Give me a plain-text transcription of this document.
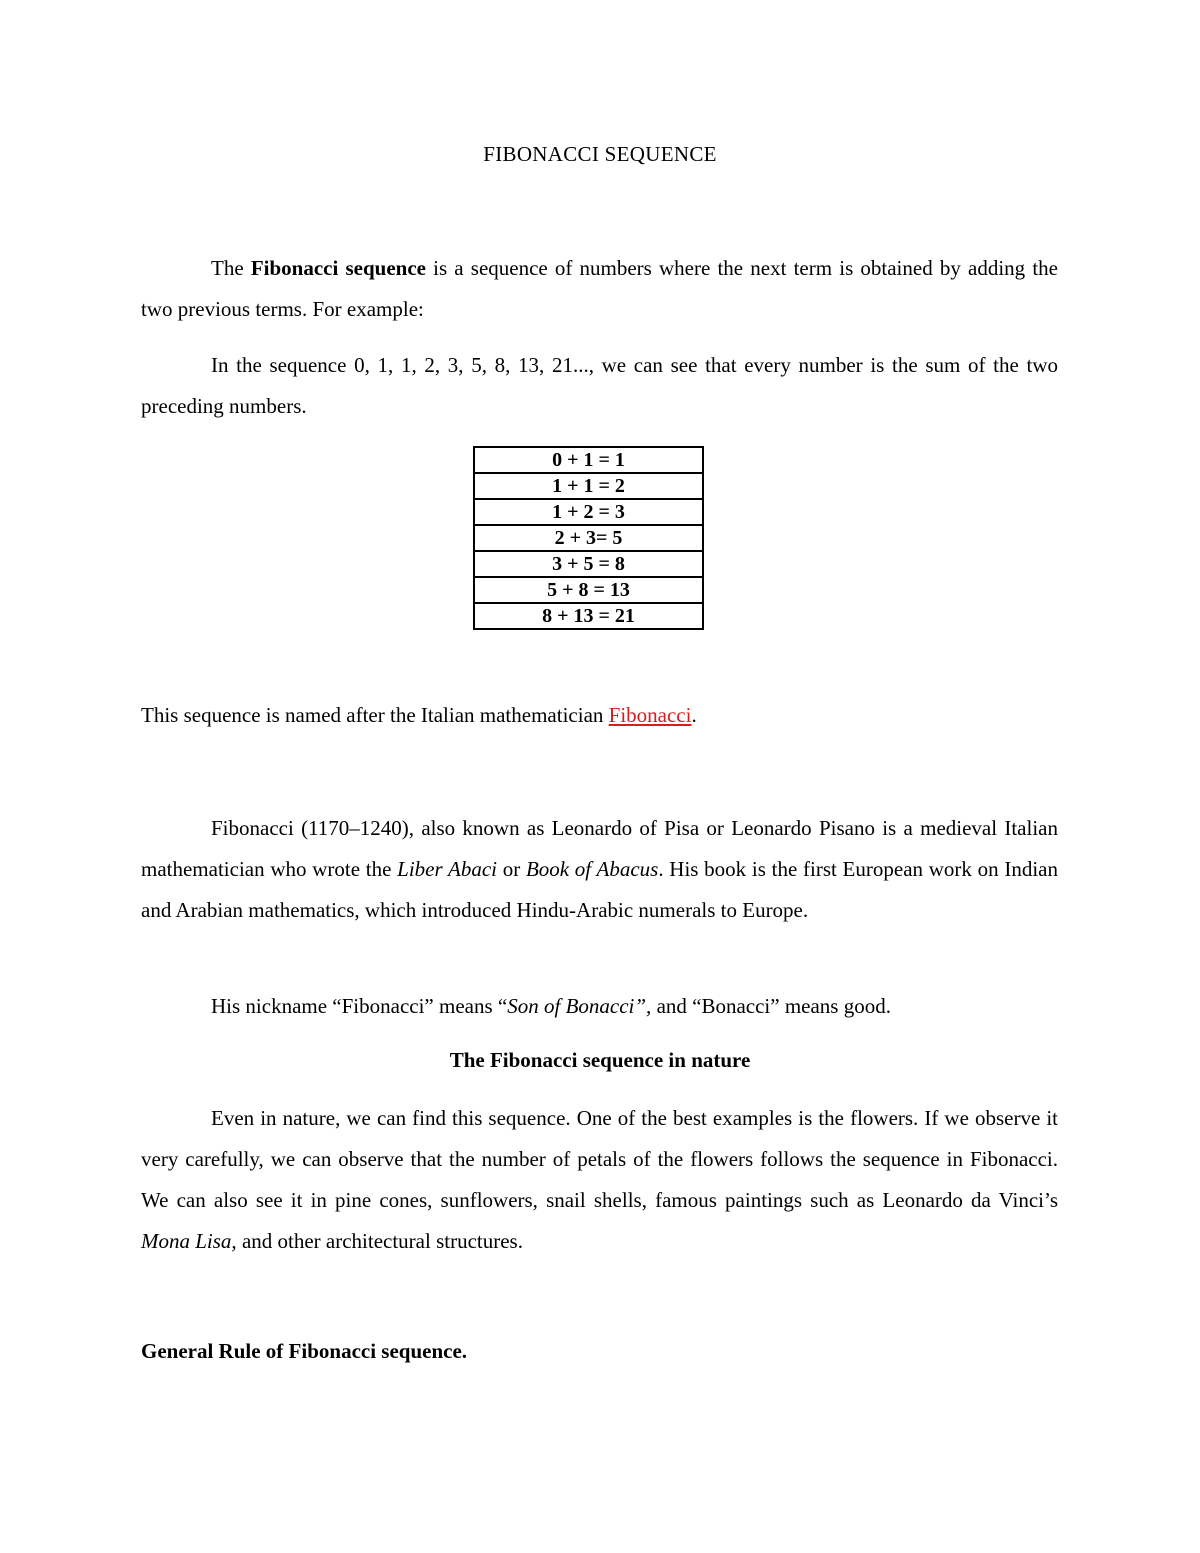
FIBONACCI SEQUENCE

The Fibonacci sequence is a sequence of numbers where the next term is obtained by adding the two previous terms. For example:

In the sequence 0, 1, 1, 2, 3, 5, 8, 13, 21..., we can see that every number is the sum of the two preceding numbers.

0 + 1 = 1
1 + 1 = 2
1 + 2 = 3
2 + 3= 5
3 + 5 = 8
5 + 8 = 13
8 + 13 = 21

This sequence is named after the Italian mathematician Fibonacci.

Fibonacci (1170–1240), also known as Leonardo of Pisa or Leonardo Pisano is a medieval Italian mathematician who wrote the Liber Abaci or Book of Abacus. His book is the first European work on Indian and Arabian mathematics, which introduced Hindu-Arabic numerals to Europe.

His nickname “Fibonacci” means “Son of Bonacci”, and “Bonacci” means good.

The Fibonacci sequence in nature

Even in nature, we can find this sequence. One of the best examples is the flowers. If we observe it very carefully, we can observe that the number of petals of the flowers follows the sequence in Fibonacci. We can also see it in pine cones, sunflowers, snail shells, famous paintings such as Leonardo da Vinci’s Mona Lisa, and other architectural structures.

General Rule of Fibonacci sequence.
